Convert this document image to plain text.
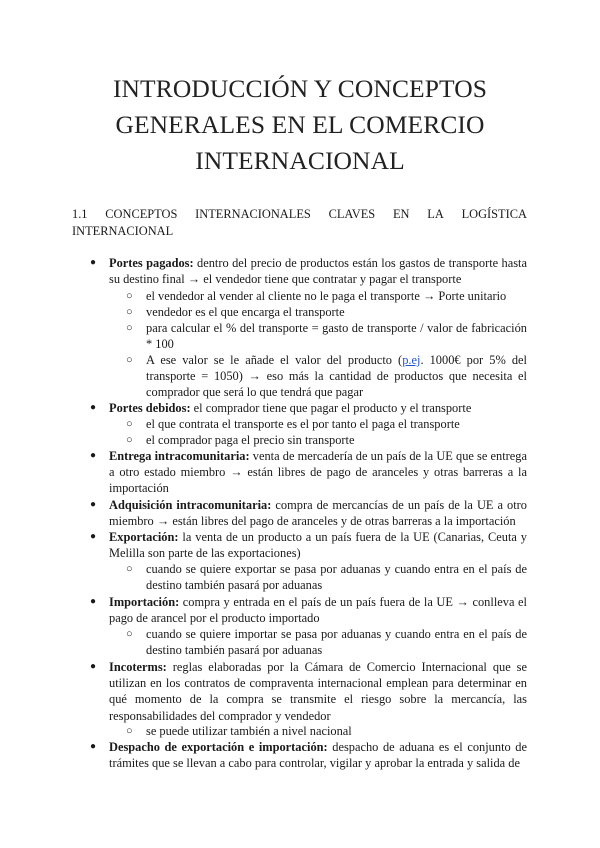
INTRODUCCIÓN Y CONCEPTOS
GENERALES EN EL COMERCIO
INTERNACIONAL
1.1 CONCEPTOS INTERNACIONALES CLAVES EN LA LOGÍSTICA
INTERNACIONAL
● Portes pagados: dentro del precio de productos están los gastos de transporte hasta su destino final → el vendedor tiene que contratar y pagar el transporte
○ el vendedor al vender al cliente no le paga el transporte → Porte unitario
○ vendedor es el que encarga el transporte
○ para calcular el % del transporte = gasto de transporte / valor de fabricación * 100
○ A ese valor se le añade el valor del producto (p.ej. 1000€ por 5% del transporte = 1050) → eso más la cantidad de productos que necesita el comprador que será lo que tendrá que pagar
● Portes debidos: el comprador tiene que pagar el producto y el transporte
○ el que contrata el transporte es el por tanto el paga el transporte
○ el comprador paga el precio sin transporte
● Entrega intracomunitaria: venta de mercadería de un país de la UE que se entrega a otro estado miembro → están libres de pago de aranceles y otras barreras a la importación
● Adquisición intracomunitaria: compra de mercancías de un país de la UE a otro miembro → están libres del pago de aranceles y de otras barreras a la importación
● Exportación: la venta de un producto a un país fuera de la UE (Canarias, Ceuta y Melilla son parte de las exportaciones)
○ cuando se quiere exportar se pasa por aduanas y cuando entra en el país de destino también pasará por aduanas
● Importación: compra y entrada en el país de un país fuera de la UE → conlleva el pago de arancel por el producto importado
○ cuando se quiere importar se pasa por aduanas y cuando entra en el país de destino también pasará por aduanas
● Incoterms: reglas elaboradas por la Cámara de Comercio Internacional que se utilizan en los contratos de compraventa internacional emplean para determinar en qué momento de la compra se transmite el riesgo sobre la mercancía, las responsabilidades del comprador y vendedor
○ se puede utilizar también a nivel nacional
● Despacho de exportación e importación: despacho de aduana es el conjunto de trámites que se llevan a cabo para controlar, vigilar y aprobar la entrada y salida de
